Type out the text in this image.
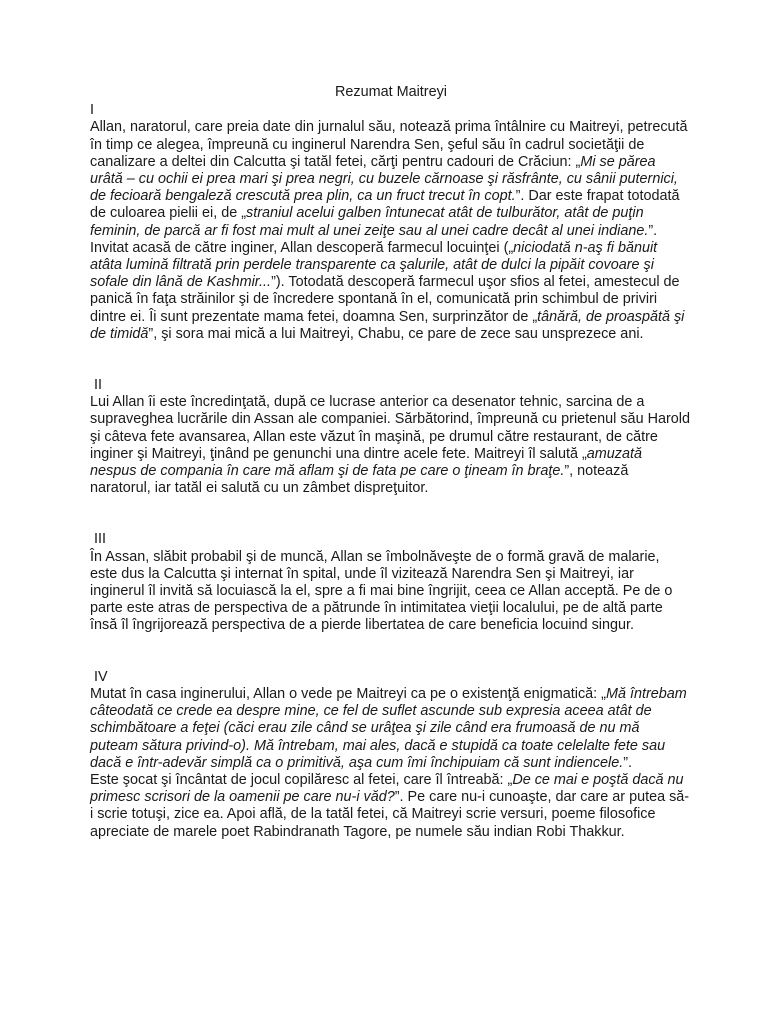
Rezumat Maitreyi
I

Allan, naratorul, care preia date din jurnalul său, notează prima întâlnire cu Maitreyi, petrecută în timp ce alegea, împreună cu inginerul Narendra Sen, şeful său în cadrul societăţii de canalizare a deltei din Calcutta şi tatăl fetei, cărţi pentru cadouri de Crăciun: „Mi se părea urâtă – cu ochii ei prea mari şi prea negri, cu buzele cărnoase şi răsfrânte, cu sânii puternici, de fecioară bengaleză crescută prea plin, ca un fruct trecut în copt.”. Dar este frapat totodată de culoarea pielii ei, de „straniul acelui galben întunecat atât de tulburător, atât de puţin feminin, de parcă ar fi fost mai mult al unei zeiţe sau al unei cadre decât al unei indiane.”.

Invitat acasă de către inginer, Allan descoperă farmecul locuinţei („niciodată n-aş fi bănuit atâta lumină filtrată prin perdele transparente ca şalurile, atât de dulci la pipăit covoare şi sofale din lână de Kashmir...”). Totodată descoperă farmecul uşor sfios al fetei, amestecul de panică în faţa străinilor şi de încredere spontană în el, comunicată prin schimbul de priviri dintre ei. Îi sunt prezentate mama fetei, doamna Sen, surprinzător de „tânără, de proaspătă şi de timidă”, şi sora mai mică a lui Maitreyi, Chabu, ce pare de zece sau unsprezece ani.

II

Lui Allan îi este încredinţată, după ce lucrase anterior ca desenator tehnic, sarcina de a supraveghea lucrările din Assan ale companiei. Sărbătorind, împreună cu prietenul său Harold şi câteva fete avansarea, Allan este văzut în maşină, pe drumul către restaurant, de către inginer şi Maitreyi, ţinând pe genunchi una dintre acele fete. Maitreyi îl salută „amuzată nespus de compania în care mă aflam şi de fata pe care o ţineam în braţe.”, notează naratorul, iar tatăl ei salută cu un zâmbet dispreţuitor.

III

În Assan, slăbit probabil şi de muncă, Allan se îmbolnăveşte de o formă gravă de malarie, este dus la Calcutta şi internat în spital, unde îl vizitează Narendra Sen şi Maitreyi, iar inginerul îl invită să locuiască la el, spre a fi mai bine îngrijit, ceea ce Allan acceptă. Pe de o parte este atras de perspectiva de a pătrunde în intimitatea vieţii localului, pe de altă parte însă îl îngrijorează perspectiva de a pierde libertatea de care beneficia locuind singur.

IV

Mutat în casa inginerului, Allan o vede pe Maitreyi ca pe o existenţă enigmatică: „Mă întrebam câteodată ce crede ea despre mine, ce fel de suflet ascunde sub expresia aceea atât de schimbătoare a feţei (căci erau zile când se urâţea şi zile când era frumoasă de nu mă puteam sătura privind-o). Mă întrebam, mai ales, dacă e stupidă ca toate celelalte fete sau dacă e într-adevăr simplă ca o primitivă, aşa cum îmi închipuiam că sunt indiencele.”.

Este şocat şi încântat de jocul copilăresc al fetei, care îl întreabă: „De ce mai e poştă dacă nu primesc scrisori de la oamenii pe care nu-i văd?”. Pe care nu-i cunoaşte, dar care ar putea să-i scrie totuşi, zice ea. Apoi află, de la tatăl fetei, că Maitreyi scrie versuri, poeme filosofice apreciate de marele poet Rabindranath Tagore, pe numele său indian Robi Thakkur.
